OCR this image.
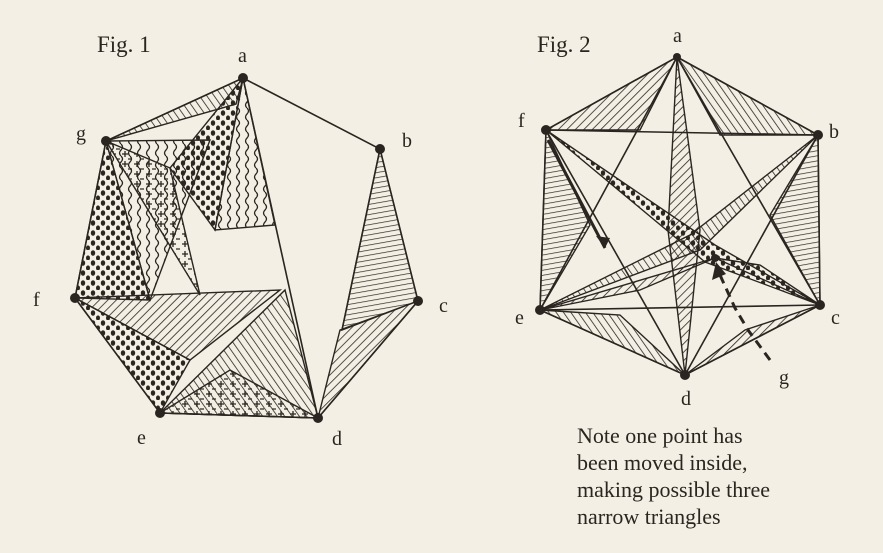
Fig. 1	a
b
c
d
e
f
g
Fig. 2	a
b
c
d
e
f
g
Note one point has
been moved inside,
making possible three
narrow triangles
